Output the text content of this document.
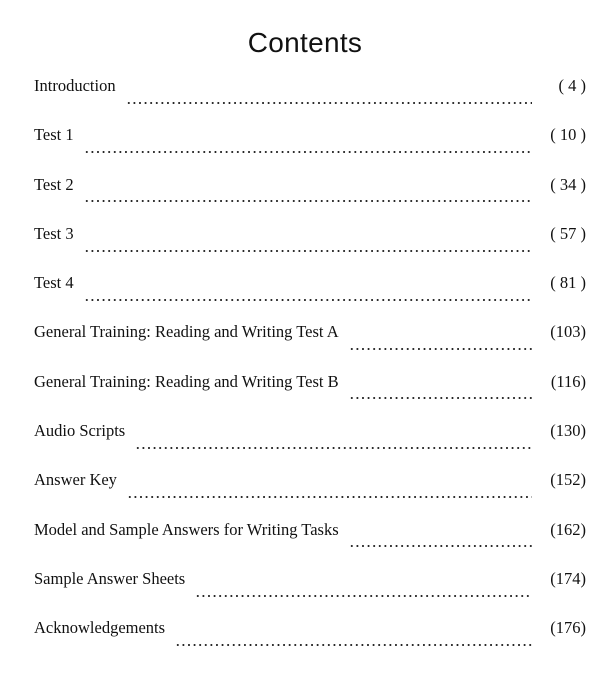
Contents
Introduction	( 4 )
Test 1	( 10 )
Test 2	( 34 )
Test 3	( 57 )
Test 4	( 81 )
General Training: Reading and Writing Test A	(103)
General Training: Reading and Writing Test B	(116)
Audio Scripts	(130)
Answer Key	(152)
Model and Sample Answers for Writing Tasks	(162)
Sample Answer Sheets	(174)
Acknowledgements	(176)
